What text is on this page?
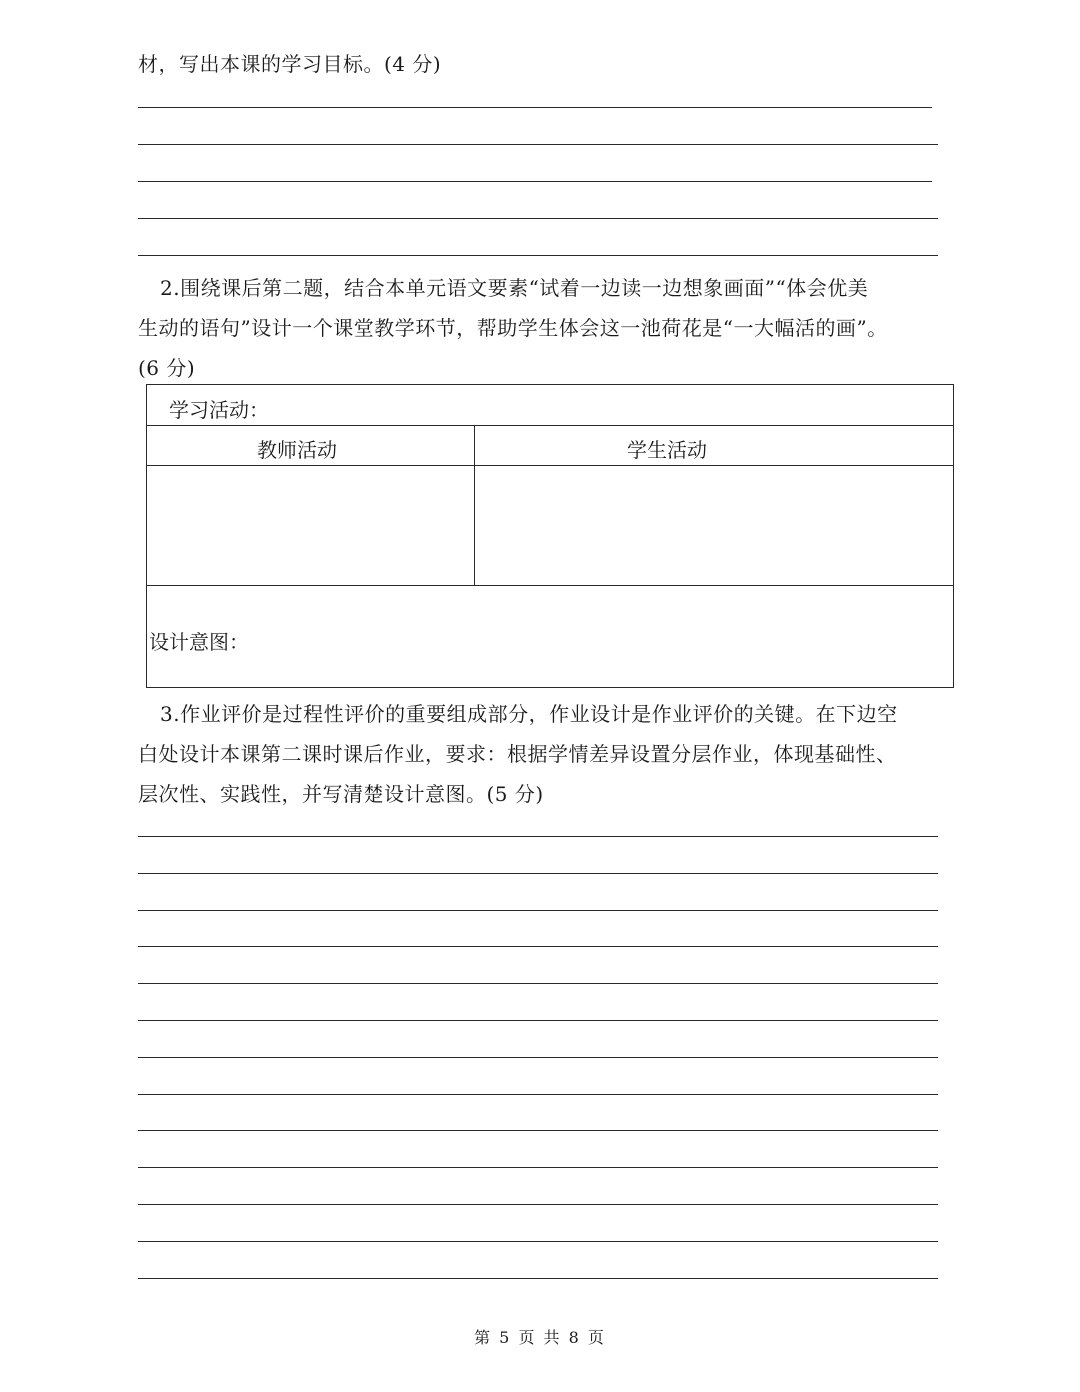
材，写出本课的学习目标。(4 分)
2.围绕课后第二题，结合本单元语文要素“试着一边读一边想象画面”“体会优美
生动的语句”设计一个课堂教学环节，帮助学生体会这一池荷花是“一大幅活的画”。
(6 分)
学习活动：
教师活动	学生活动
设计意图：
3.作业评价是过程性评价的重要组成部分，作业设计是作业评价的关键。在下边空
白处设计本课第二课时课后作业，要求：根据学情差异设置分层作业，体现基础性、
层次性、实践性，并写清楚设计意图。(5 分)
第 5 页 共 8 页
